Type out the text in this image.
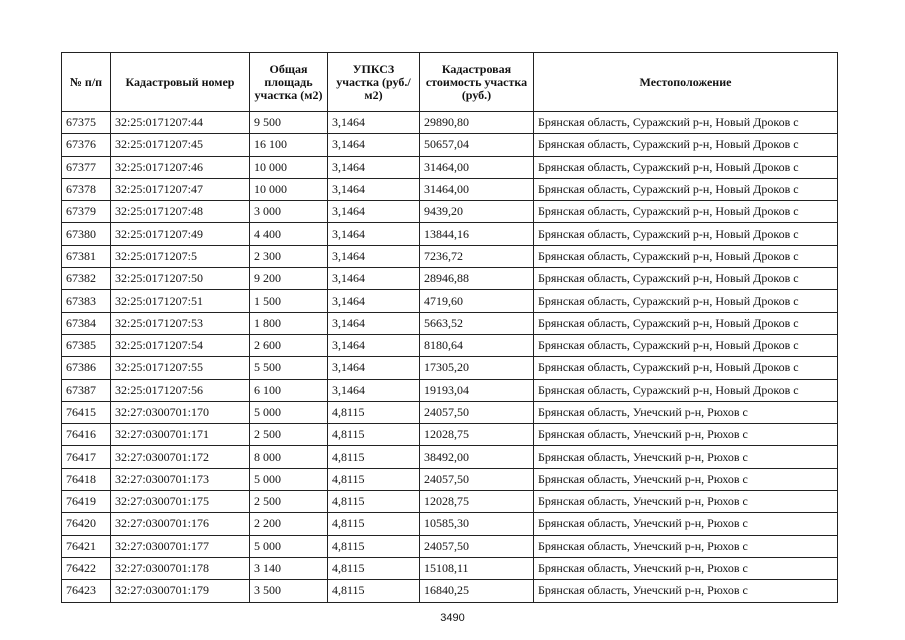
№ п/п	Кадастровый номер	Общая площадь участка (м2)	УПКСЗ участка (руб./м2)	Кадастровая стоимость участка (руб.)	Местоположение
67375	32:25:0171207:44	9 500	3,1464	29890,80	Брянская область, Суражский р-н, Новый Дроков с
67376	32:25:0171207:45	16 100	3,1464	50657,04	Брянская область, Суражский р-н, Новый Дроков с
67377	32:25:0171207:46	10 000	3,1464	31464,00	Брянская область, Суражский р-н, Новый Дроков с
67378	32:25:0171207:47	10 000	3,1464	31464,00	Брянская область, Суражский р-н, Новый Дроков с
67379	32:25:0171207:48	3 000	3,1464	9439,20	Брянская область, Суражский р-н, Новый Дроков с
67380	32:25:0171207:49	4 400	3,1464	13844,16	Брянская область, Суражский р-н, Новый Дроков с
67381	32:25:0171207:5	2 300	3,1464	7236,72	Брянская область, Суражский р-н, Новый Дроков с
67382	32:25:0171207:50	9 200	3,1464	28946,88	Брянская область, Суражский р-н, Новый Дроков с
67383	32:25:0171207:51	1 500	3,1464	4719,60	Брянская область, Суражский р-н, Новый Дроков с
67384	32:25:0171207:53	1 800	3,1464	5663,52	Брянская область, Суражский р-н, Новый Дроков с
67385	32:25:0171207:54	2 600	3,1464	8180,64	Брянская область, Суражский р-н, Новый Дроков с
67386	32:25:0171207:55	5 500	3,1464	17305,20	Брянская область, Суражский р-н, Новый Дроков с
67387	32:25:0171207:56	6 100	3,1464	19193,04	Брянская область, Суражский р-н, Новый Дроков с
76415	32:27:0300701:170	5 000	4,8115	24057,50	Брянская область, Унечский р-н, Рюхов с
76416	32:27:0300701:171	2 500	4,8115	12028,75	Брянская область, Унечский р-н, Рюхов с
76417	32:27:0300701:172	8 000	4,8115	38492,00	Брянская область, Унечский р-н, Рюхов с
76418	32:27:0300701:173	5 000	4,8115	24057,50	Брянская область, Унечский р-н, Рюхов с
76419	32:27:0300701:175	2 500	4,8115	12028,75	Брянская область, Унечский р-н, Рюхов с
76420	32:27:0300701:176	2 200	4,8115	10585,30	Брянская область, Унечский р-н, Рюхов с
76421	32:27:0300701:177	5 000	4,8115	24057,50	Брянская область, Унечский р-н, Рюхов с
76422	32:27:0300701:178	3 140	4,8115	15108,11	Брянская область, Унечский р-н, Рюхов с
76423	32:27:0300701:179	3 500	4,8115	16840,25	Брянская область, Унечский р-н, Рюхов с
3490
